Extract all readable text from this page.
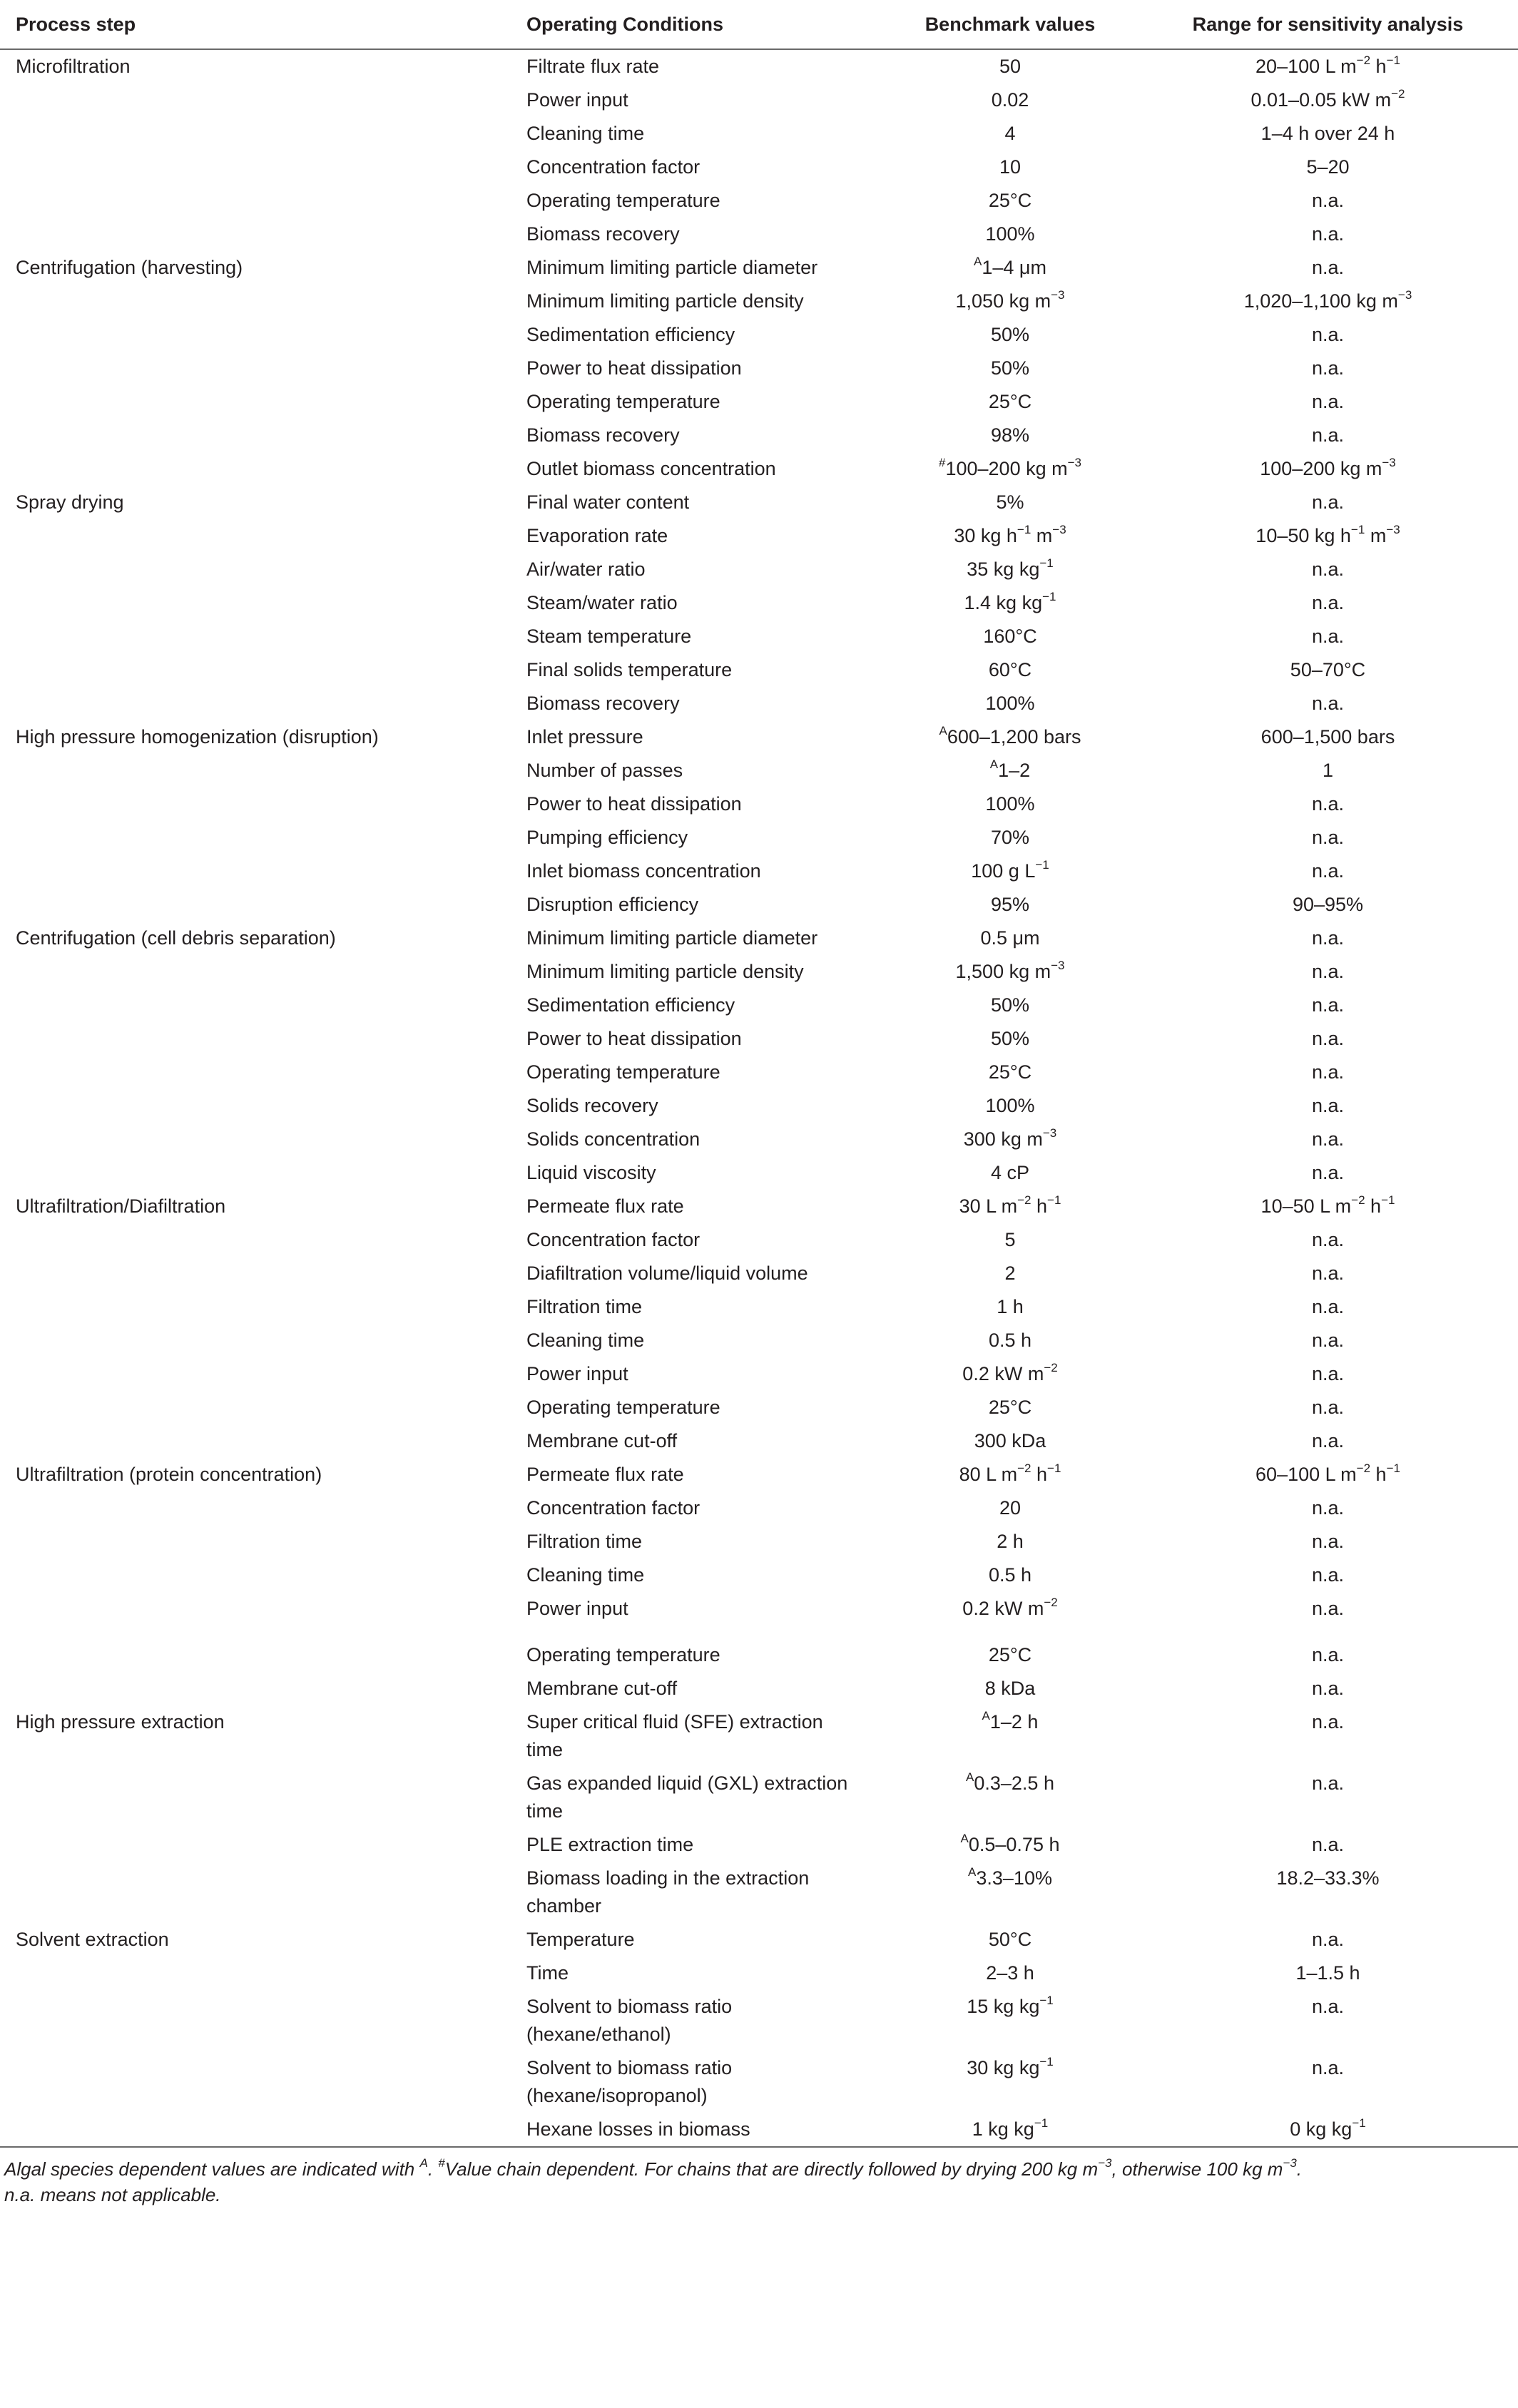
Process step	Operating Conditions	Benchmark values	Range for sensitivity analysis
Microfiltration	Filtrate flux rate	50	20–100 L $m^{-2}$ $h^{-1}$
	Power input	0.02	0.01–0.05 kW $m^{-2}$
	Cleaning time	4	1–4 h over 24 h
	Concentration factor	10	5–20
	Operating temperature	25°C	n.a.
	Biomass recovery	100%	n.a.
Centrifugation (harvesting)	Minimum limiting particle diameter	$^A$1–4 μm	n.a.
	Minimum limiting particle density	1,050 kg $m^{-3}$	1,020–1,100 kg $m^{-3}$
	Sedimentation efficiency	50%	n.a.
	Power to heat dissipation	50%	n.a.
	Operating temperature	25°C	n.a.
	Biomass recovery	98%	n.a.
	Outlet biomass concentration	#100–200 kg $m^{-3}$	100–200 kg $m^{-3}$
Spray drying	Final water content	5%	n.a.
	Evaporation rate	30 kg $h^{-1}$ $m^{-3}$	10–50 kg $h^{-1}$ $m^{-3}$
	Air/water ratio	35 kg $kg^{-1}$	n.a.
	Steam/water ratio	1.4 kg $kg^{-1}$	n.a.
	Steam temperature	160°C	n.a.
	Final solids temperature	60°C	50–70°C
	Biomass recovery	100%	n.a.
High pressure homogenization (disruption)	Inlet pressure	$^A$600–1,200 bars	600–1,500 bars
	Number of passes	$^A$1–2	1
	Power to heat dissipation	100%	n.a.
	Pumping efficiency	70%	n.a.
	Inlet biomass concentration	100 g $L^{-1}$	n.a.
	Disruption efficiency	95%	90–95%
Centrifugation (cell debris separation)	Minimum limiting particle diameter	0.5 μm	n.a.
	Minimum limiting particle density	1,500 kg $m^{-3}$	n.a.
	Sedimentation efficiency	50%	n.a.
	Power to heat dissipation	50%	n.a.
	Operating temperature	25°C	n.a.
	Solids recovery	100%	n.a.
	Solids concentration	300 kg $m^{-3}$	n.a.
	Liquid viscosity	4 cP	n.a.
Ultrafiltration/Diafiltration	Permeate flux rate	30 L $m^{-2}$ $h^{-1}$	10–50 L $m^{-2}$ $h^{-1}$
	Concentration factor	5	n.a.
	Diafiltration volume/liquid volume	2	n.a.
	Filtration time	1 h	n.a.
	Cleaning time	0.5 h	n.a.
	Power input	0.2 kW $m^{-2}$	n.a.
	Operating temperature	25°C	n.a.
	Membrane cut-off	300 kDa	n.a.
Ultrafiltration (protein concentration)	Permeate flux rate	80 L $m^{-2}$ $h^{-1}$	60–100 L $m^{-2}$ $h^{-1}$
	Concentration factor	20	n.a.
	Filtration time	2 h	n.a.
	Cleaning time	0.5 h	n.a.
	Power input	0.2 kW $m^{-2}$	n.a.
	Operating temperature	25°C	n.a.
	Membrane cut-off	8 kDa	n.a.
High pressure extraction	Super critical fluid (SFE) extraction time	$^A$1–2 h	n.a.
	Gas expanded liquid (GXL) extraction time	$^A$0.3–2.5 h	n.a.
	PLE extraction time	$^A$0.5–0.75 h	n.a.
	Biomass loading in the extraction chamber	$^A$3.3–10%	18.2–33.3%
Solvent extraction	Temperature	50°C	n.a.
	Time	2–3 h	1–1.5 h
	Solvent to biomass ratio (hexane/ethanol)	15 kg $kg^{-1}$	n.a.
	Solvent to biomass ratio (hexane/isopropanol)	30 kg $kg^{-1}$	n.a.
	Hexane losses in biomass	1 kg $kg^{-1}$	0 kg $kg^{-1}$
Algal species dependent values are indicated with $^A$. #Value chain dependent. For chains that are directly followed by drying 200 kg $m^{-3}$, otherwise 100 kg $m^{-3}$.
n.a. means not applicable.			
